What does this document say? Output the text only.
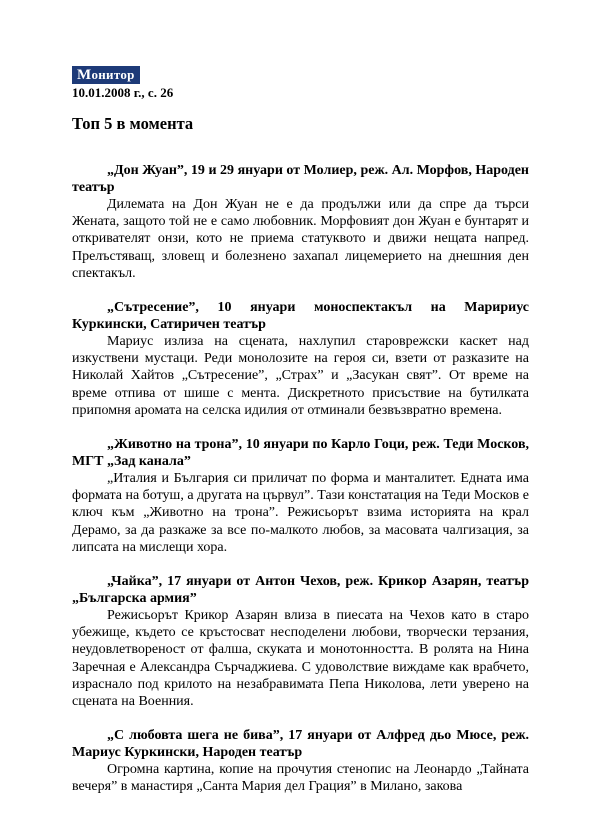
Монитор
10.01.2008 г., с. 26
Топ 5 в момента
„Дон Жуан”, 19 и 29 януари от Молиер, реж. Ал. Морфов, Народен театър
Дилемата на Дон Жуан не е да продължи или да спре да търси Жената, защото той не е само любовник. Морфовият дон Жуан е бунтарят и откривателят онзи, кото не приема статуквото и движи нещата напред. Прелъстяващ, зловещ и болезнено захапал лицемерието на днешния ден спектакъл.
„Сътресение”, 10 януари моноспектакъл на Маририус Куркински, Сатиричен театър
Мариус излиза на сцената, нахлупил староврежски каскет над изкуствени мустаци. Реди монолозите на героя си, взети от разказите на Николай Хайтов „Сътресение”, „Страх” и „Засукан свят”. От време на време отпива от шише с мента. Дискретното присъствие на бутилката припомня аромата на селска идилия от отминали безвъзвратно времена.
„Животно на трона”, 10 януари по Карло Гоци, реж. Теди Москов, МГТ „Зад канала”
„Италия и България си приличат по форма и манталитет. Едната има формата на ботуш, а другата на цървул”. Тази констатация на Теди Москов е ключ към „Животно на трона”. Режисьорът взима историята на крал Дерамо, за да разкаже за все по-малкото любов, за масовата чалгизация, за липсата на мислещи хора.
„Чайка”, 17 януари от Антон Чехов, реж. Крикор Азарян, театър „Българска армия”
Режисьорът Крикор Азарян влиза в пиесата на Чехов като в старо убежище, където се кръстосват несподелени любови, творчески терзания, неудовлетвореност от фалша, скуката и монотонността. В ролята на Нина Заречная е Александра Сърчаджиева. С удоволствие виждаме как врабчето, израснало под крилото на незабравимата Пепа Николова, лети уверено на сцената на Военния.
„С любовта шега не бива”, 17 януари от Алфред дьо Мюсе, реж. Мариус Куркински, Народен театър
Огромна картина, копие на прочутия стенопис на Леонардо „Тайната вечеря” в манастиря „Санта Мария дел Грация” в Милано, закова
